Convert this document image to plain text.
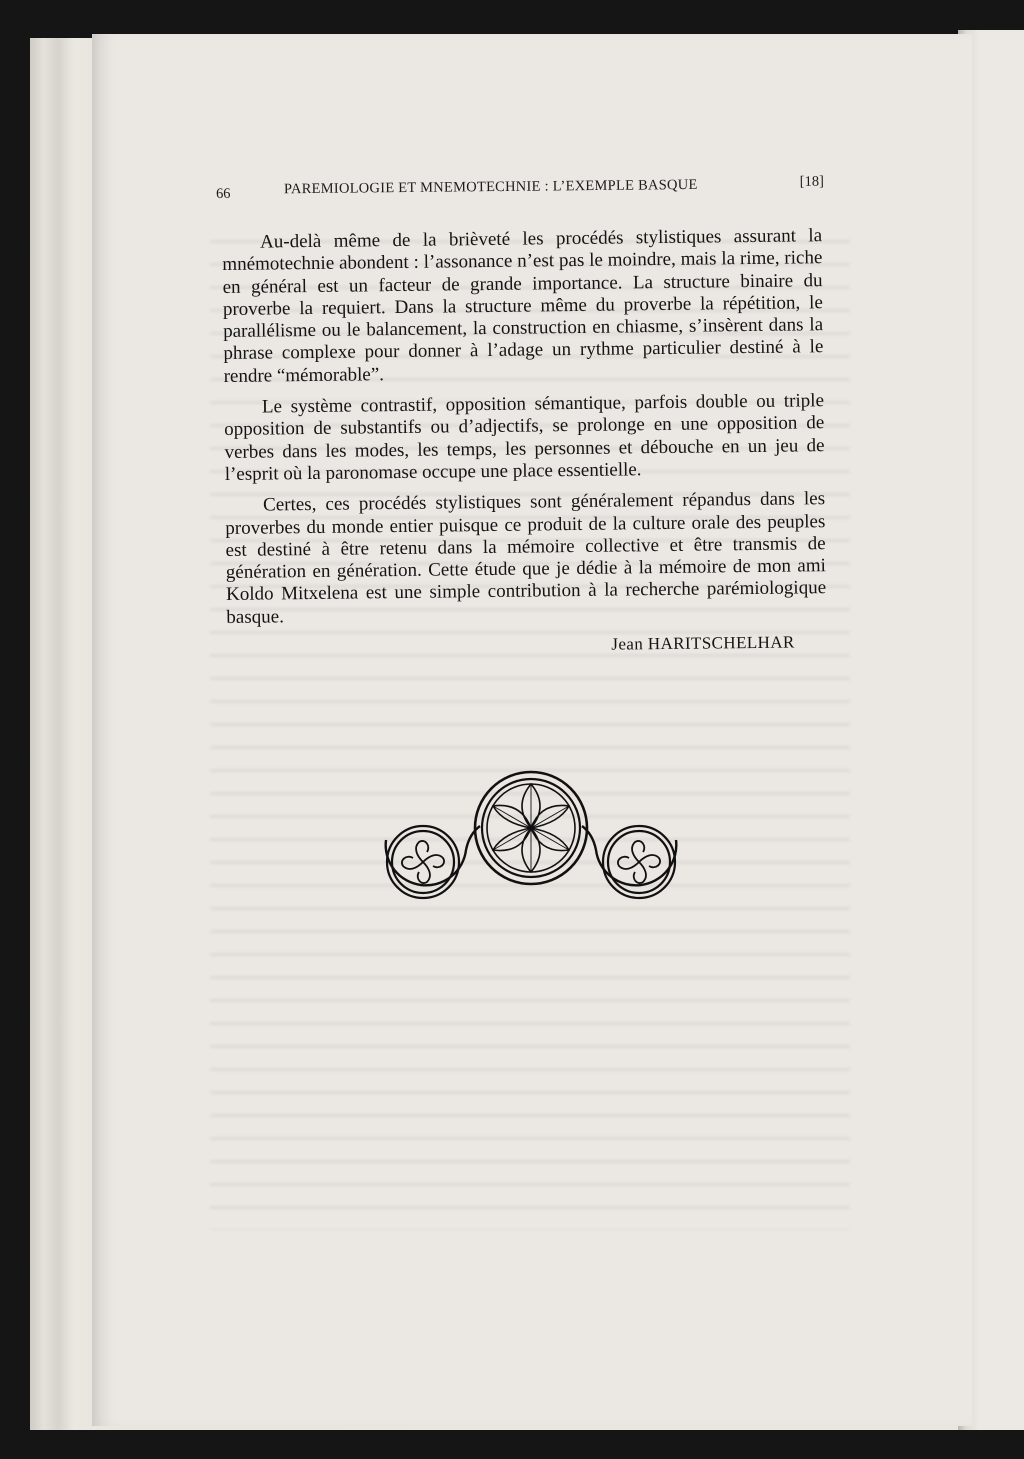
66	PAREMIOLOGIE ET MNEMOTECHNIE : L’EXEMPLE BASQUE	[18]

Au-delà même de la brièveté les procédés stylistiques assurant la mnémotechnie abondent : l’assonance n’est pas le moindre, mais la rime, riche en général est un facteur de grande importance. La structure binaire du proverbe la requiert. Dans la structure même du proverbe la répétition, le parallélisme ou le balancement, la construction en chiasme, s’insèrent dans la phrase complexe pour donner à l’adage un rythme particulier destiné à le rendre “mémorable”.

Le système contrastif, opposition sémantique, parfois double ou triple opposition de substantifs ou d’adjectifs, se prolonge en une opposition de verbes dans les modes, les temps, les personnes et débouche en un jeu de l’esprit où la paronomase occupe une place essentielle.

Certes, ces procédés stylistiques sont généralement répandus dans les proverbes du monde entier puisque ce produit de la culture orale des peuples est destiné à être retenu dans la mémoire collective et être transmis de génération en génération. Cette étude que je dédie à la mémoire de mon ami Koldo Mitxelena est une simple contribution à la recherche parémiologique basque.

Jean HARITSCHELHAR
